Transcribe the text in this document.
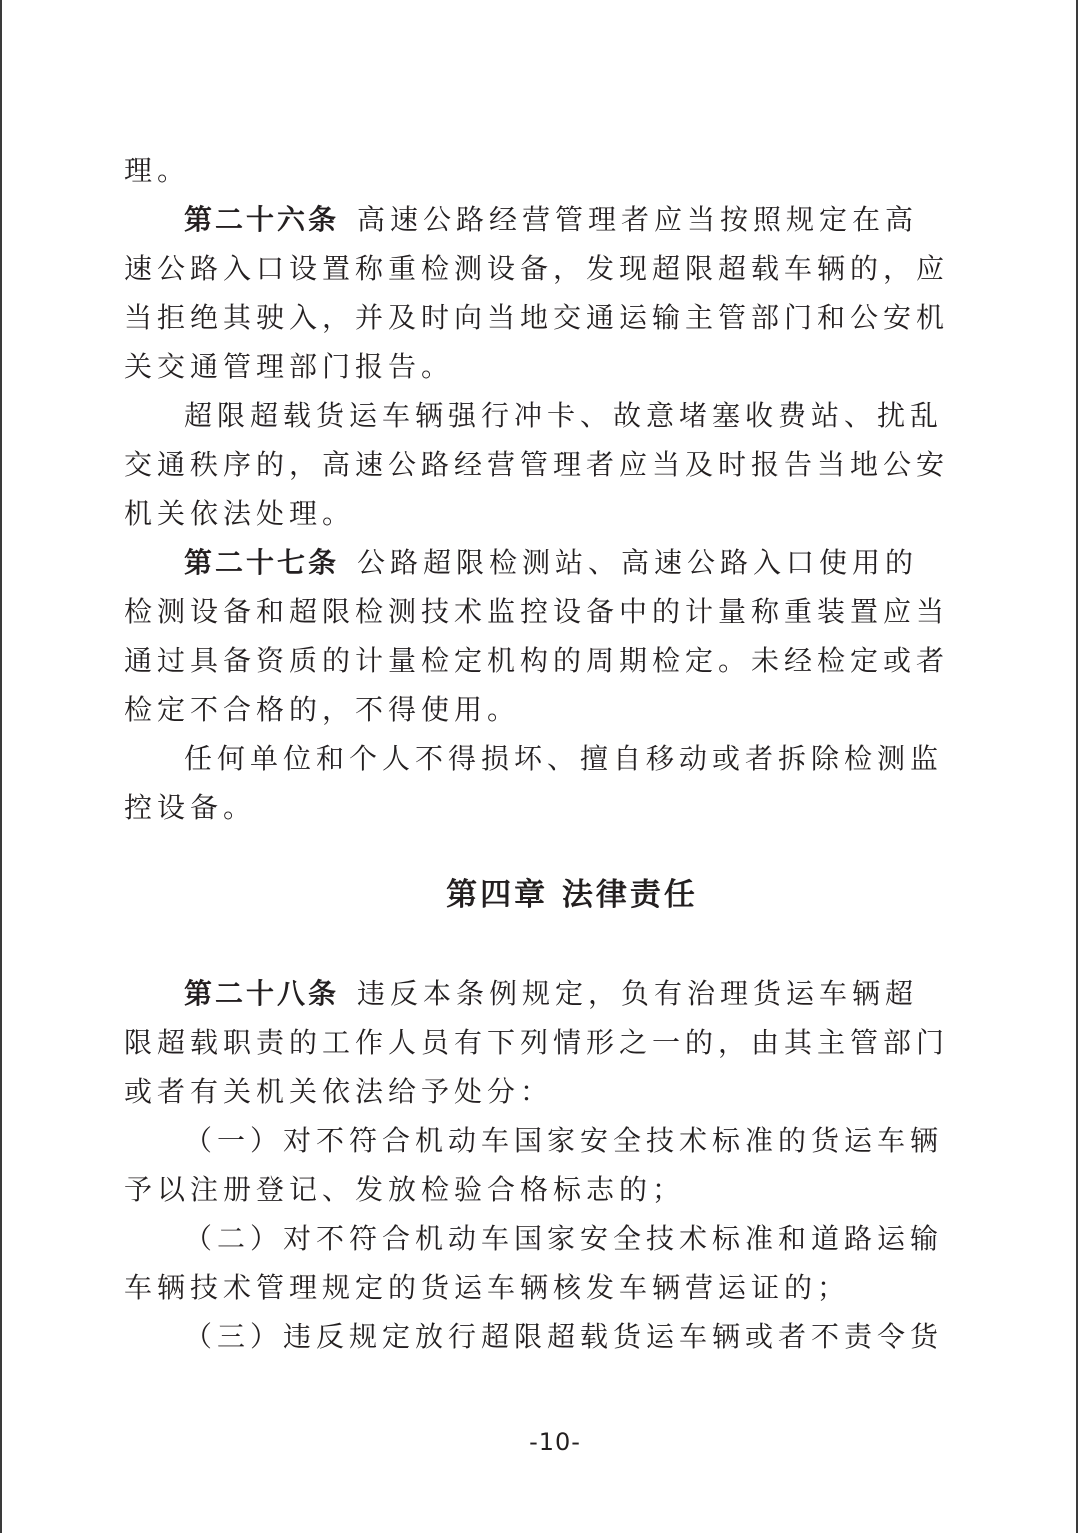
理。
第二十六条 高速公路经营管理者应当按照规定在高
速公路入口设置称重检测设备，发现超限超载车辆的，应
当拒绝其驶入，并及时向当地交通运输主管部门和公安机
关交通管理部门报告。
超限超载货运车辆强行冲卡、故意堵塞收费站、扰乱
交通秩序的，高速公路经营管理者应当及时报告当地公安
机关依法处理。
第二十七条 公路超限检测站、高速公路入口使用的
检测设备和超限检测技术监控设备中的计量称重装置应当
通过具备资质的计量检定机构的周期检定。未经检定或者
检定不合格的，不得使用。
任何单位和个人不得损坏、擅自移动或者拆除检测监
控设备。
第四章 法律责任
第二十八条 违反本条例规定，负有治理货运车辆超
限超载职责的工作人员有下列情形之一的，由其主管部门
或者有关机关依法给予处分：
（一）对不符合机动车国家安全技术标准的货运车辆
予以注册登记、发放检验合格标志的；
（二）对不符合机动车国家安全技术标准和道路运输
车辆技术管理规定的货运车辆核发车辆营运证的；
（三）违反规定放行超限超载货运车辆或者不责令货
-10-
